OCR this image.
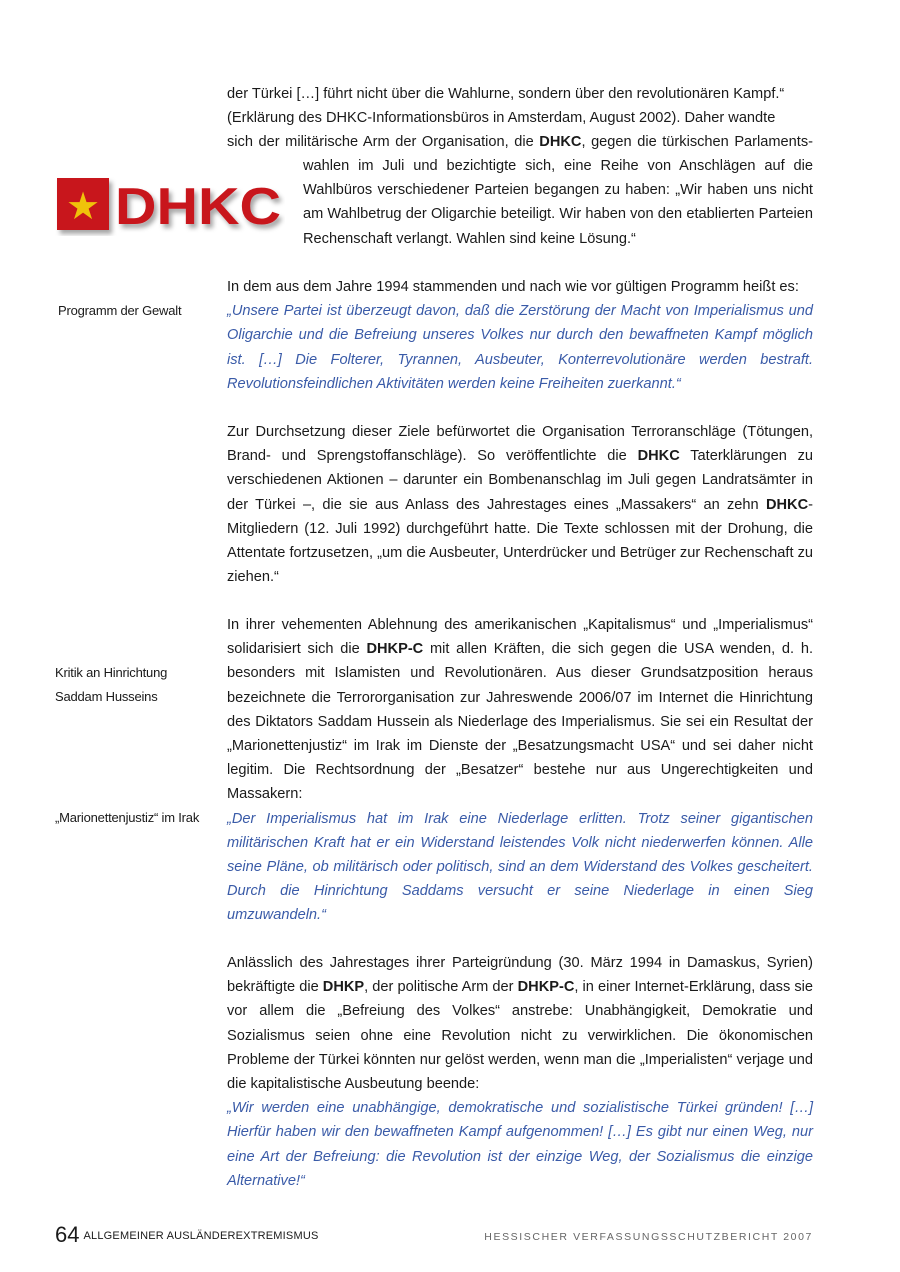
der Türkei […] führt nicht über die Wahlurne, sondern über den revolutionären Kampf.“
(Erklärung des DHKC-Informationsbüros in Amsterdam, August 2002). Daher wandte
sich der militärische Arm der Organisation, die DHKC, gegen die türkischen Parlaments-

wahlen im Juli und bezichtigte sich, eine Reihe von Anschlägen auf die Wahlbüros verschiedener Parteien begangen zu haben: „Wir haben uns nicht am Wahlbetrug der Oligarchie beteiligt. Wir haben von den etablierten Parteien Rechenschaft verlangt. Wahlen sind keine Lösung.“

★ DHKC
Programm der Gewalt
Kritik an Hinrichtung
Saddam Husseins
„Marionettenjustiz“ im Irak

In dem aus dem Jahre 1994 stammenden und nach wie vor gültigen Programm heißt es:

„Unsere Partei ist überzeugt davon, daß die Zerstörung der Macht von Imperialismus und Oligarchie und die Befreiung unseres Volkes nur durch den bewaffneten Kampf möglich ist. […] Die Folterer, Tyrannen, Ausbeuter, Konterrevolutionäre werden bestraft. Revolutionsfeindlichen Aktivitäten werden keine Freiheiten zuerkannt.“

Zur Durchsetzung dieser Ziele befürwortet die Organisation Terroranschläge (Tötungen, Brand- und Sprengstoffanschläge). So veröffentlichte die DHKC Taterklärungen zu verschiedenen Aktionen – darunter ein Bombenanschlag im Juli gegen Landratsämter in der Türkei –, die sie aus Anlass des Jahrestages eines „Massakers“ an zehn DHKC-Mitgliedern (12. Juli 1992) durchgeführt hatte. Die Texte schlossen mit der Drohung, die Attentate fortzusetzen, „um die Ausbeuter, Unterdrücker und Betrüger zur Rechenschaft zu ziehen.“

In ihrer vehementen Ablehnung des amerikanischen „Kapitalismus“ und „Imperialismus“ solidarisiert sich die DHKP-C mit allen Kräften, die sich gegen die USA wenden, d. h. besonders mit Islamisten und Revolutionären. Aus dieser Grundsatzposition heraus bezeichnete die Terrororganisation zur Jahreswende 2006/07 im Internet die Hinrichtung des Diktators Saddam Hussein als Niederlage des Imperialismus. Sie sei ein Resultat der „Marionettenjustiz“ im Irak im Dienste der „Besatzungsmacht USA“ und sei daher nicht legitim. Die Rechtsordnung der „Besatzer“ bestehe nur aus Ungerechtigkeiten und Massakern:

„Der Imperialismus hat im Irak eine Niederlage erlitten. Trotz seiner gigantischen militärischen Kraft hat er ein Widerstand leistendes Volk nicht niederwerfen können. Alle seine Pläne, ob militärisch oder politisch, sind an dem Widerstand des Volkes gescheitert. Durch die Hinrichtung Saddams versucht er seine Niederlage in einen Sieg umzuwandeln.“

Anlässlich des Jahrestages ihrer Parteigründung (30. März 1994 in Damaskus, Syrien) bekräftigte die DHKP, der politische Arm der DHKP-C, in einer Internet-Erklärung, dass sie vor allem die „Befreiung des Volkes“ anstrebe: Unabhängigkeit, Demokratie und Sozialismus seien ohne eine Revolution nicht zu verwirklichen. Die ökonomischen Probleme der Türkei könnten nur gelöst werden, wenn man die „Imperialisten“ verjage und die kapitalistische Ausbeutung beende:

„Wir werden eine unabhängige, demokratische und sozialistische Türkei gründen! […] Hierfür haben wir den bewaffneten Kampf aufgenommen! […] Es gibt nur einen Weg, nur eine Art der Befreiung: die Revolution ist der einzige Weg, der Sozialismus die einzige Alternative!“

64 ALLGEMEINER AUSLÄNDEREXTREMISMUS	HESSISCHER VERFASSUNGSSCHUTZBERICHT 2007
